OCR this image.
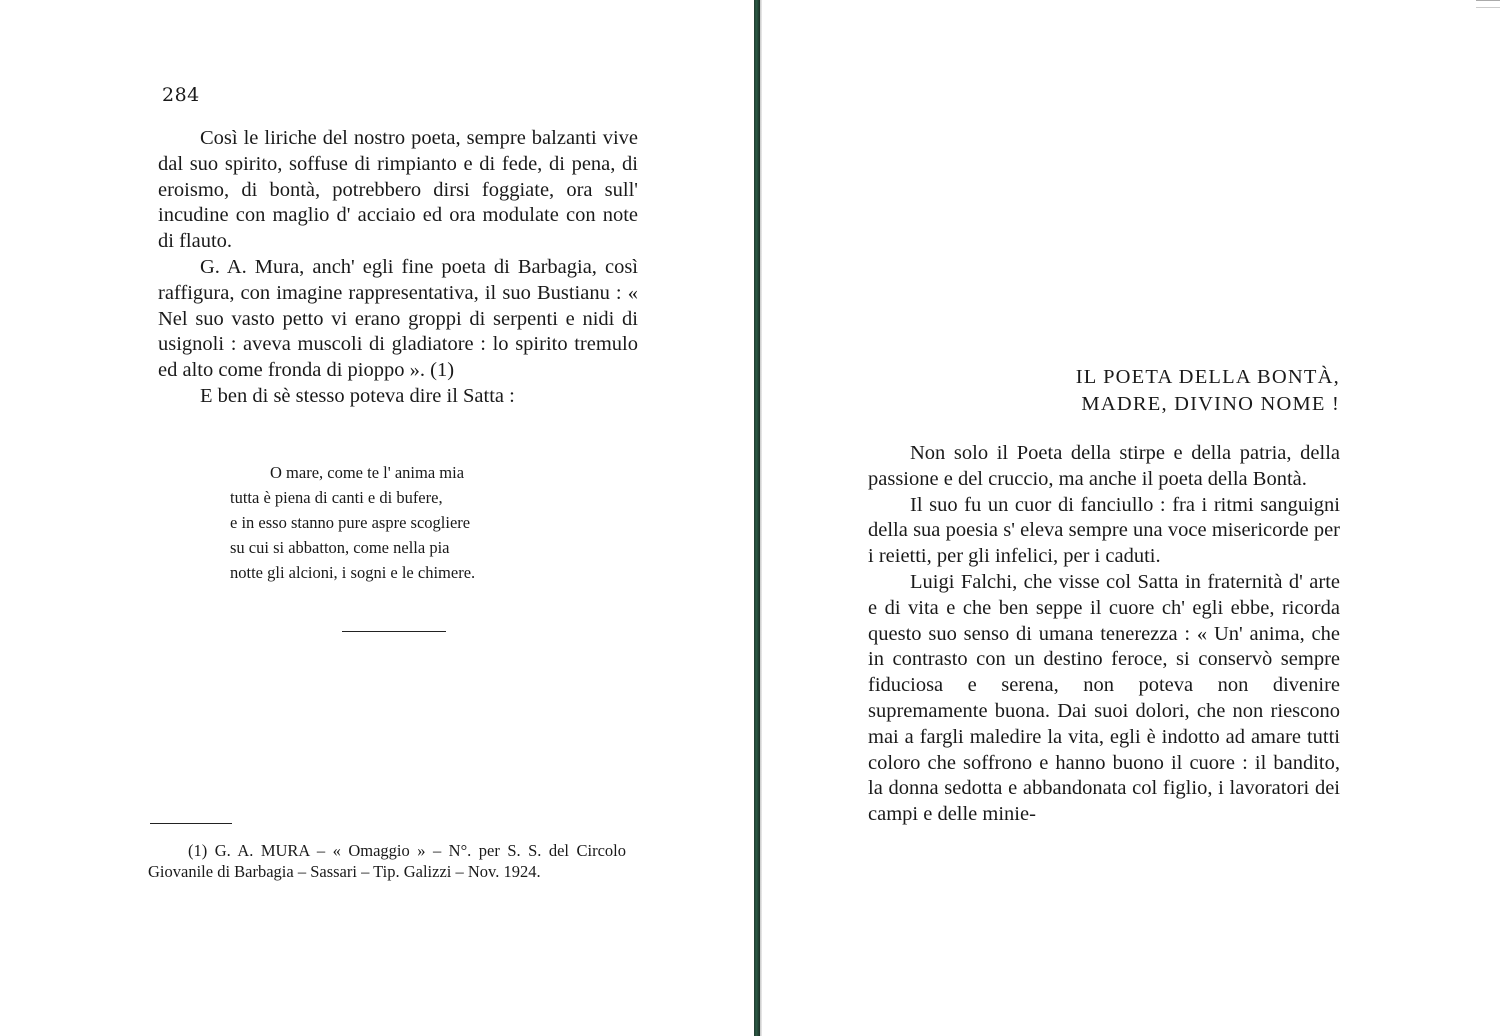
284

Così le liriche del nostro poeta, sempre balzanti vive dal suo spirito, soffuse di rimpianto e di fede, di pena, di eroismo, di bontà, potrebbero dirsi foggiate, ora sull' incudine con maglio d' acciaio ed ora modulate con note di flauto.

G. A. Mura, anch' egli fine poeta di Barbagia, così raffigura, con imagine rappresentativa, il suo Bustianu : « Nel suo vasto petto vi erano groppi di serpenti e nidi di usignoli : aveva muscoli di gladiatore : lo spirito tremulo ed alto come fronda di pioppo ». (1)

E ben di sè stesso poteva dire il Satta :

O mare, come te l' anima mia
tutta è piena di canti e di bufere,
e in esso stanno pure aspre scogliere
su cui si abbatton, come nella pia
notte gli alcioni, i sogni e le chimere.

(1) G. A. MURA – « Omaggio » – N°. per S. S. del Circolo Giovanile di Barbagia – Sassari – Tip. Galizzi – Nov. 1924.

IL POETA DELLA BONTÀ,
MADRE, DIVINO NOME !

Non solo il Poeta della stirpe e della patria, della passione e del cruccio, ma anche il poeta della Bontà.

Il suo fu un cuor di fanciullo : fra i ritmi sanguigni della sua poesia s' eleva sempre una voce misericorde per i reietti, per gli infelici, per i caduti.

Luigi Falchi, che visse col Satta in fraternità d' arte e di vita e che ben seppe il cuore ch' egli ebbe, ricorda questo suo senso di umana tenerezza : « Un' anima, che in contrasto con un destino feroce, si conservò sempre fiduciosa e serena, non poteva non divenire supremamente buona. Dai suoi dolori, che non riescono mai a fargli maledire la vita, egli è indotto ad amare tutti coloro che soffrono e hanno buono il cuore : il bandito, la donna sedotta e abbandonata col figlio, i lavoratori dei campi e delle minie-
